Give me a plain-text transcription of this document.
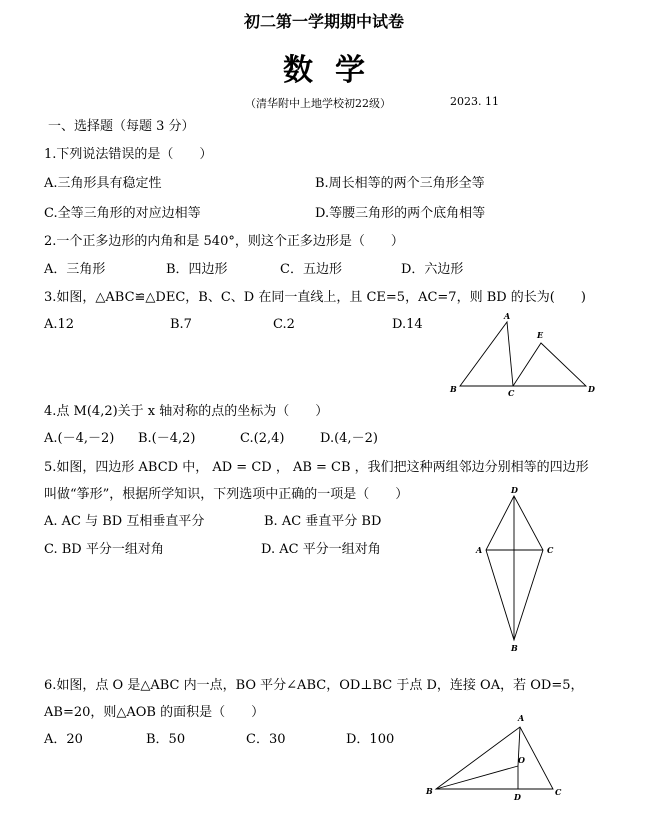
初二第一学期期中试卷
数学
（清华附中上地学校初22级）	2023. 11
一、选择题（每题 3 分）
1.下列说法错误的是（　　）
A.三角形具有稳定性	B.周长相等的两个三角形全等
C.全等三角形的对应边相等	D.等腰三角形的两个底角相等
2.一个正多边形的内角和是 540°，则这个正多边形是（　　）
A．三角形	B．四边形	C．五边形	D．六边形
3.如图，△ABC≌△DEC，B、C、D 在同一直线上，且 CE=5，AC=7，则 BD 的长为(　　)
A.12	B.7	C.2	D.14
A
E
B	C	D
4.点 M(4,2)关于 x 轴对称的点的坐标为（　　）
A.(－4,－2) B.(－4,2)	C.(2,4)	D.(4,－2)
5.如图，四边形 ABCD 中， AD = CD ， AB = CB ，我们把这种两组邻边分别相等的四边形
叫做“筝形”，根据所学知识，下列选项中正确的一项是（　　）
A. AC 与 BD 互相垂直平分	B. AC 垂直平分 BD
C. BD 平分一组对角	D. AC 平分一组对角
D
A	C
B
6.如图，点 O 是△ABC 内一点，BO 平分∠ABC，OD⊥BC 于点 D，连接 OA，若 OD=5，
AB=20，则△AOB 的面积是（　　）
A．20	B．50	C．30	D．100
A
O
B
D	C
